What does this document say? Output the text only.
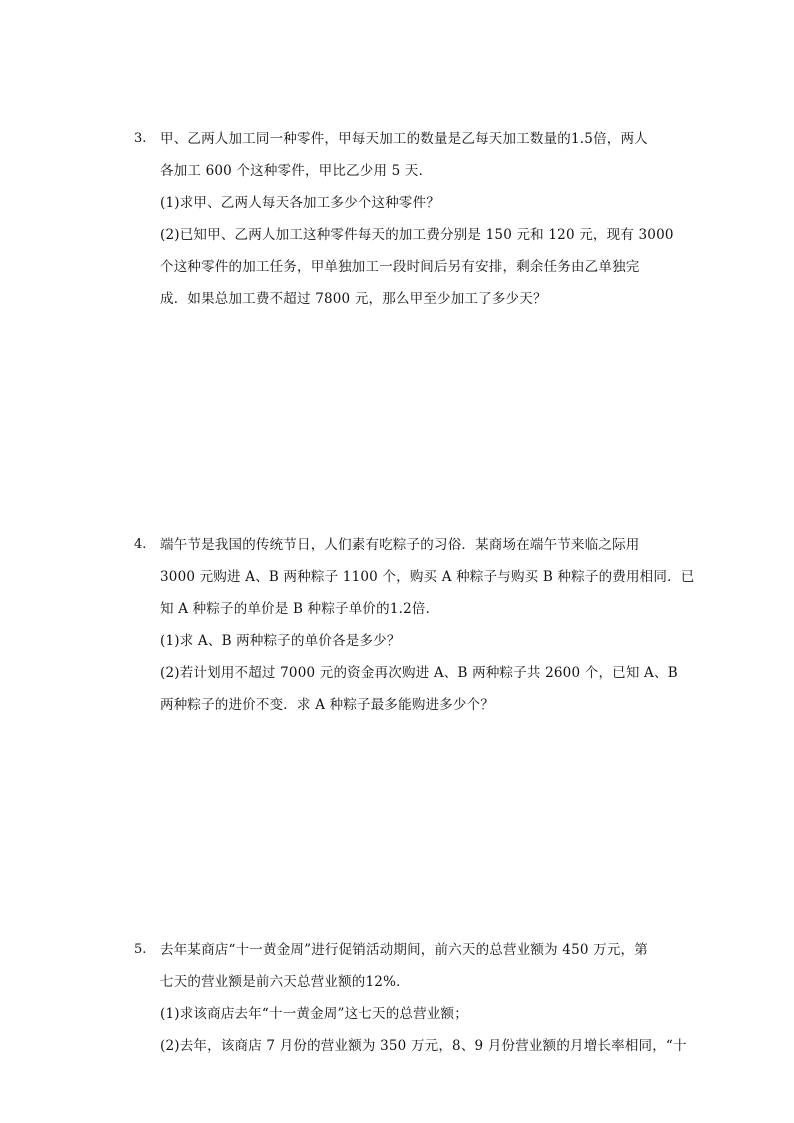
3. 甲、乙两人加工同一种零件，甲每天加工的数量是乙每天加工数量的1.5倍，两人
各加工 600 个这种零件，甲比乙少用 5 天．
(1)求甲、乙两人每天各加工多少个这种零件？
(2)已知甲、乙两人加工这种零件每天的加工费分别是 150 元和 120 元，现有 3000
个这种零件的加工任务，甲单独加工一段时间后另有安排，剩余任务由乙单独完
成．如果总加工费不超过 7800 元，那么甲至少加工了多少天？
4. 端午节是我国的传统节日，人们素有吃粽子的习俗．某商场在端午节来临之际用
3000 元购进 A、B 两种粽子 1100 个，购买 A 种粽子与购买 B 种粽子的费用相同．已
知 A 种粽子的单价是 B 种粽子单价的1.2倍．
(1)求 A、B 两种粽子的单价各是多少？
(2)若计划用不超过 7000 元的资金再次购进 A、B 两种粽子共 2600 个，已知 A、B
两种粽子的进价不变．求 A 种粽子最多能购进多少个？
5. 去年某商店“十一黄金周”进行促销活动期间，前六天的总营业额为 450 万元，第
七天的营业额是前六天总营业额的12%．
(1)求该商店去年“十一黄金周”这七天的总营业额；
(2)去年，该商店 7 月份的营业额为 350 万元，8、9 月份营业额的月增长率相同，“十
